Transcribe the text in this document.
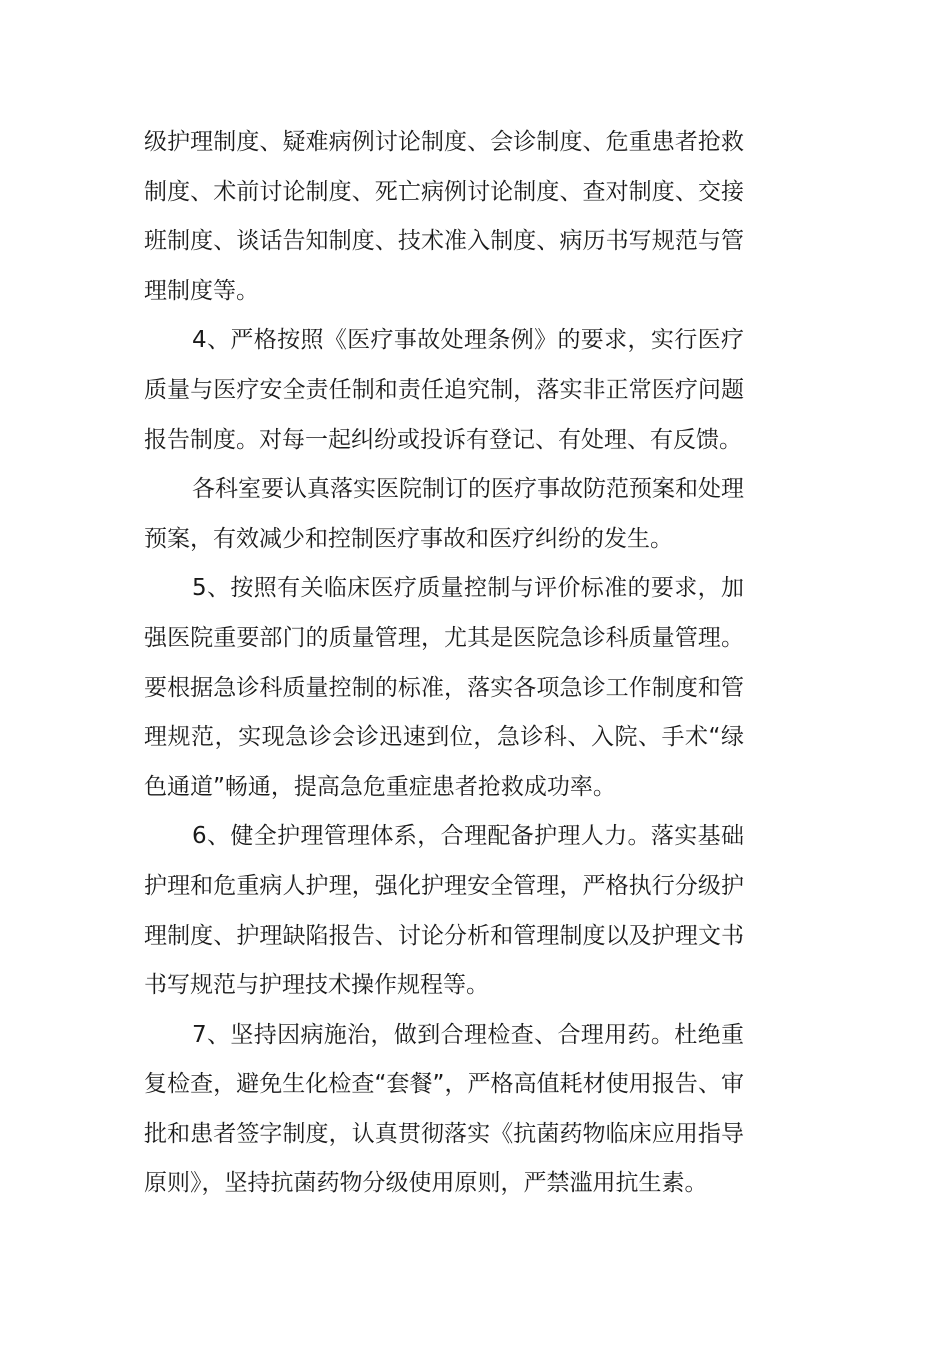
级护理制度、疑难病例讨论制度、会诊制度、危重患者抢救制度、术前讨论制度、死亡病例讨论制度、查对制度、交接班制度、谈话告知制度、技术准入制度、病历书写规范与管理制度等。

4、严格按照《医疗事故处理条例》的要求，实行医疗质量与医疗安全责任制和责任追究制，落实非正常医疗问题报告制度。对每一起纠纷或投诉有登记、有处理、有反馈。

各科室要认真落实医院制订的医疗事故防范预案和处理预案，有效减少和控制医疗事故和医疗纠纷的发生。

5、按照有关临床医疗质量控制与评价标准的要求，加强医院重要部门的质量管理，尤其是医院急诊科质量管理。要根据急诊科质量控制的标准，落实各项急诊工作制度和管理规范，实现急诊会诊迅速到位，急诊科、入院、手术“绿色通道”畅通，提高急危重症患者抢救成功率。

6、健全护理管理体系，合理配备护理人力。落实基础护理和危重病人护理，强化护理安全管理，严格执行分级护理制度、护理缺陷报告、讨论分析和管理制度以及护理文书书写规范与护理技术操作规程等。

7、坚持因病施治，做到合理检查、合理用药。杜绝重复检查，避免生化检查“套餐”，严格高值耗材使用报告、审批和患者签字制度，认真贯彻落实《抗菌药物临床应用指导原则》，坚持抗菌药物分级使用原则，严禁滥用抗生素。
